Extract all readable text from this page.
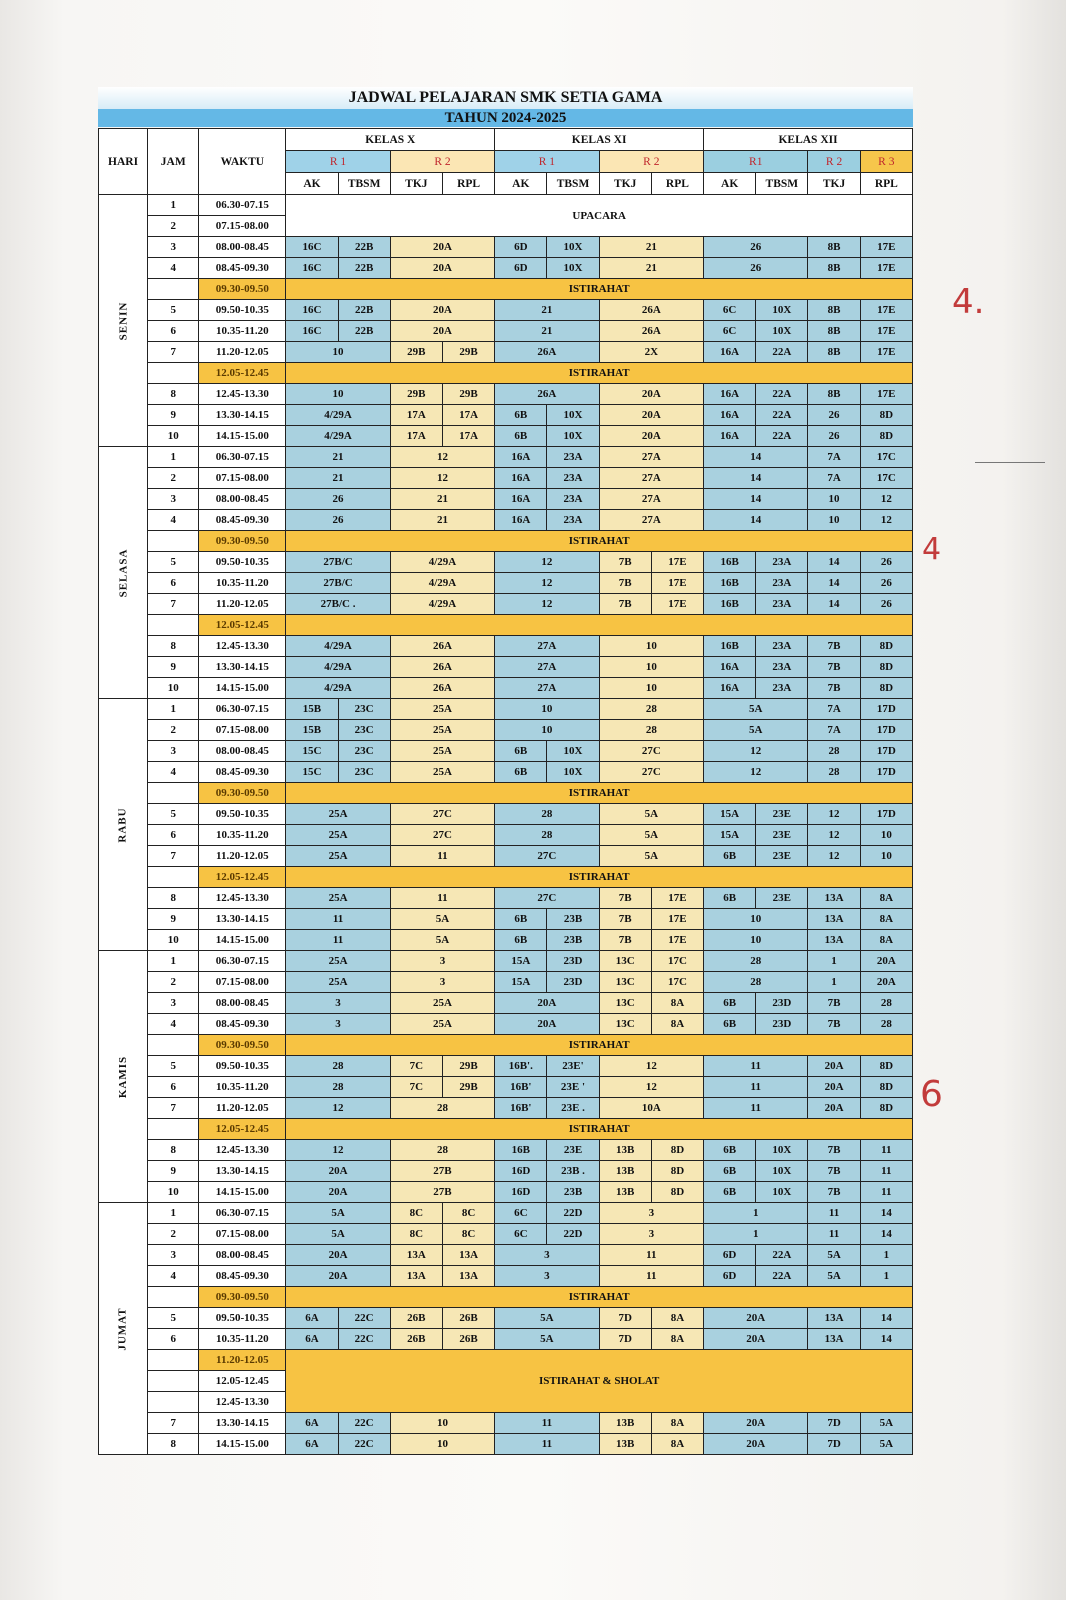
JADWAL PELAJARAN SMK SETIA GAMA
TAHUN 2024-2025
HARI	JAM	WAKTU	KELAS X				KELAS XI				KELAS XII			
			R 1		R 2		R 1		R 2		R1		R 2	R 3
			AK	TBSM	TKJ	RPL	AK	TBSM	TKJ	RPL	AK	TBSM	TKJ	RPL
SENIN	1	06.30-07.15	UPACARA											
	2	07.15-08.00												
	3	08.00-08.45	16C	22B	20A		6D	10X	21		26		8B	17E
	4	08.45-09.30	16C	22B	20A		6D	10X	21		26		8B	17E
		09.30-09.50	ISTIRAHAT											
	5	09.50-10.35	16C	22B	20A		21		26A		6C	10X	8B	17E
	6	10.35-11.20	16C	22B	20A		21		26A		6C	10X	8B	17E
	7	11.20-12.05	10		29B	29B	26A		2X		16A	22A	8B	17E
		12.05-12.45	ISTIRAHAT											
	8	12.45-13.30	10		29B	29B	26A		20A		16A	22A	8B	17E
	9	13.30-14.15	4/29A		17A	17A	6B	10X	20A		16A	22A	26	8D
	10	14.15-15.00	4/29A		17A	17A	6B	10X	20A		16A	22A	26	8D
SELASA	1	06.30-07.15	21		12		16A	23A	27A		14		7A	17C
	2	07.15-08.00	21		12		16A	23A	27A		14		7A	17C
	3	08.00-08.45	26		21		16A	23A	27A		14		10	12
	4	08.45-09.30	26		21		16A	23A	27A		14		10	12
		09.30-09.50	ISTIRAHAT											
	5	09.50-10.35	27B/C		4/29A		12		7B	17E	16B	23A	14	26
	6	10.35-11.20	27B/C		4/29A		12		7B	17E	16B	23A	14	26
	7	11.20-12.05	27B/C .		4/29A		12		7B	17E	16B	23A	14	26
		12.05-12.45												
	8	12.45-13.30	4/29A		26A		27A		10		16B	23A	7B	8D
	9	13.30-14.15	4/29A		26A		27A		10		16A	23A	7B	8D
	10	14.15-15.00	4/29A		26A		27A		10		16A	23A	7B	8D
RABU	1	06.30-07.15	15B	23C	25A		10		28		5A		7A	17D
	2	07.15-08.00	15B	23C	25A		10		28		5A		7A	17D
	3	08.00-08.45	15C	23C	25A		6B	10X	27C		12		28	17D
	4	08.45-09.30	15C	23C	25A		6B	10X	27C		12		28	17D
		09.30-09.50	ISTIRAHAT											
	5	09.50-10.35	25A		27C		28		5A		15A	23E	12	17D
	6	10.35-11.20	25A		27C		28		5A		15A	23E	12	10
	7	11.20-12.05	25A		11		27C		5A		6B	23E	12	10
		12.05-12.45	ISTIRAHAT											
	8	12.45-13.30	25A		11		27C		7B	17E	6B	23E	13A	8A
	9	13.30-14.15	11		5A		6B	23B	7B	17E	10		13A	8A
	10	14.15-15.00	11		5A		6B	23B	7B	17E	10		13A	8A
KAMIS	1	06.30-07.15	25A		3		15A	23D	13C	17C	28		1	20A
	2	07.15-08.00	25A		3		15A	23D	13C	17C	28		1	20A
	3	08.00-08.45	3		25A		20A		13C	8A	6B	23D	7B	28
	4	08.45-09.30	3		25A		20A		13C	8A	6B	23D	7B	28
		09.30-09.50	ISTIRAHAT											
	5	09.50-10.35	28		7C	29B	16B'.	23E'	12		11		20A	8D
	6	10.35-11.20	28		7C	29B	16B'	23E '	12		11		20A	8D
	7	11.20-12.05	12		28		16B'	23E .	10A		11		20A	8D
		12.05-12.45	ISTIRAHAT											
	8	12.45-13.30	12		28		16B	23E	13B	8D	6B	10X	7B	11
	9	13.30-14.15	20A		27B		16D	23B .	13B	8D	6B	10X	7B	11
	10	14.15-15.00	20A		27B		16D	23B	13B	8D	6B	10X	7B	11
JUMAT	1	06.30-07.15	5A		8C	8C	6C	22D	3		1		11	14
	2	07.15-08.00	5A		8C	8C	6C	22D	3		1		11	14
	3	08.00-08.45	20A		13A	13A	3		11		6D	22A	5A	1
	4	08.45-09.30	20A		13A	13A	3		11		6D	22A	5A	1
		09.30-09.50	ISTIRAHAT											
	5	09.50-10.35	6A	22C	26B	26B	5A		7D	8A	20A		13A	14
	6	10.35-11.20	6A	22C	26B	26B	5A		7D	8A	20A		13A	14
		11.20-12.05	ISTIRAHAT & SHOLAT											
		12.05-12.45												
		12.45-13.30												
	7	13.30-14.15	6A	22C	10		11		13B	8A	20A		7D	5A
	8	14.15-15.00	6A	22C	10		11		13B	8A	20A		7D	5A
4.
4
6
